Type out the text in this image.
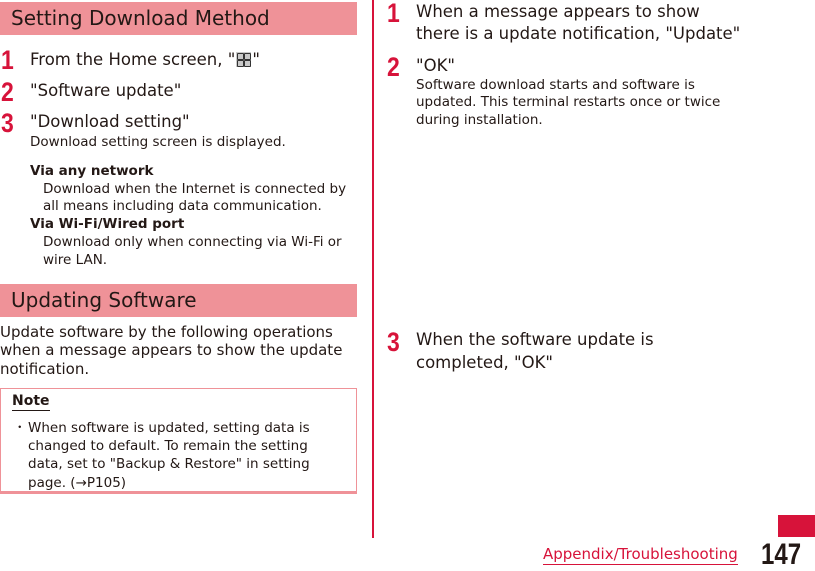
Setting Download Method
1 From the Home screen, " "
2 "Software update"
3 "Download setting"
Download setting screen is displayed.
Via any network
Download when the Internet is connected by
all means including data communication.
Via Wi-Fi/Wired port
Download only when connecting via Wi-Fi or
wire LAN.
Updating Software
Update software by the following operations
when a message appears to show the update
notification.
Note
・ When software is updated, setting data is
changed to default. To remain the setting
data, set to "Backup & Restore" in setting
page. (→P105)
1 When a message appears to show
there is a update notification, "Update"
2 "OK"
Software download starts and software is
updated. This terminal restarts once or twice
during installation.
3 When the software update is
completed, "OK"
Appendix/Troubleshooting 147
